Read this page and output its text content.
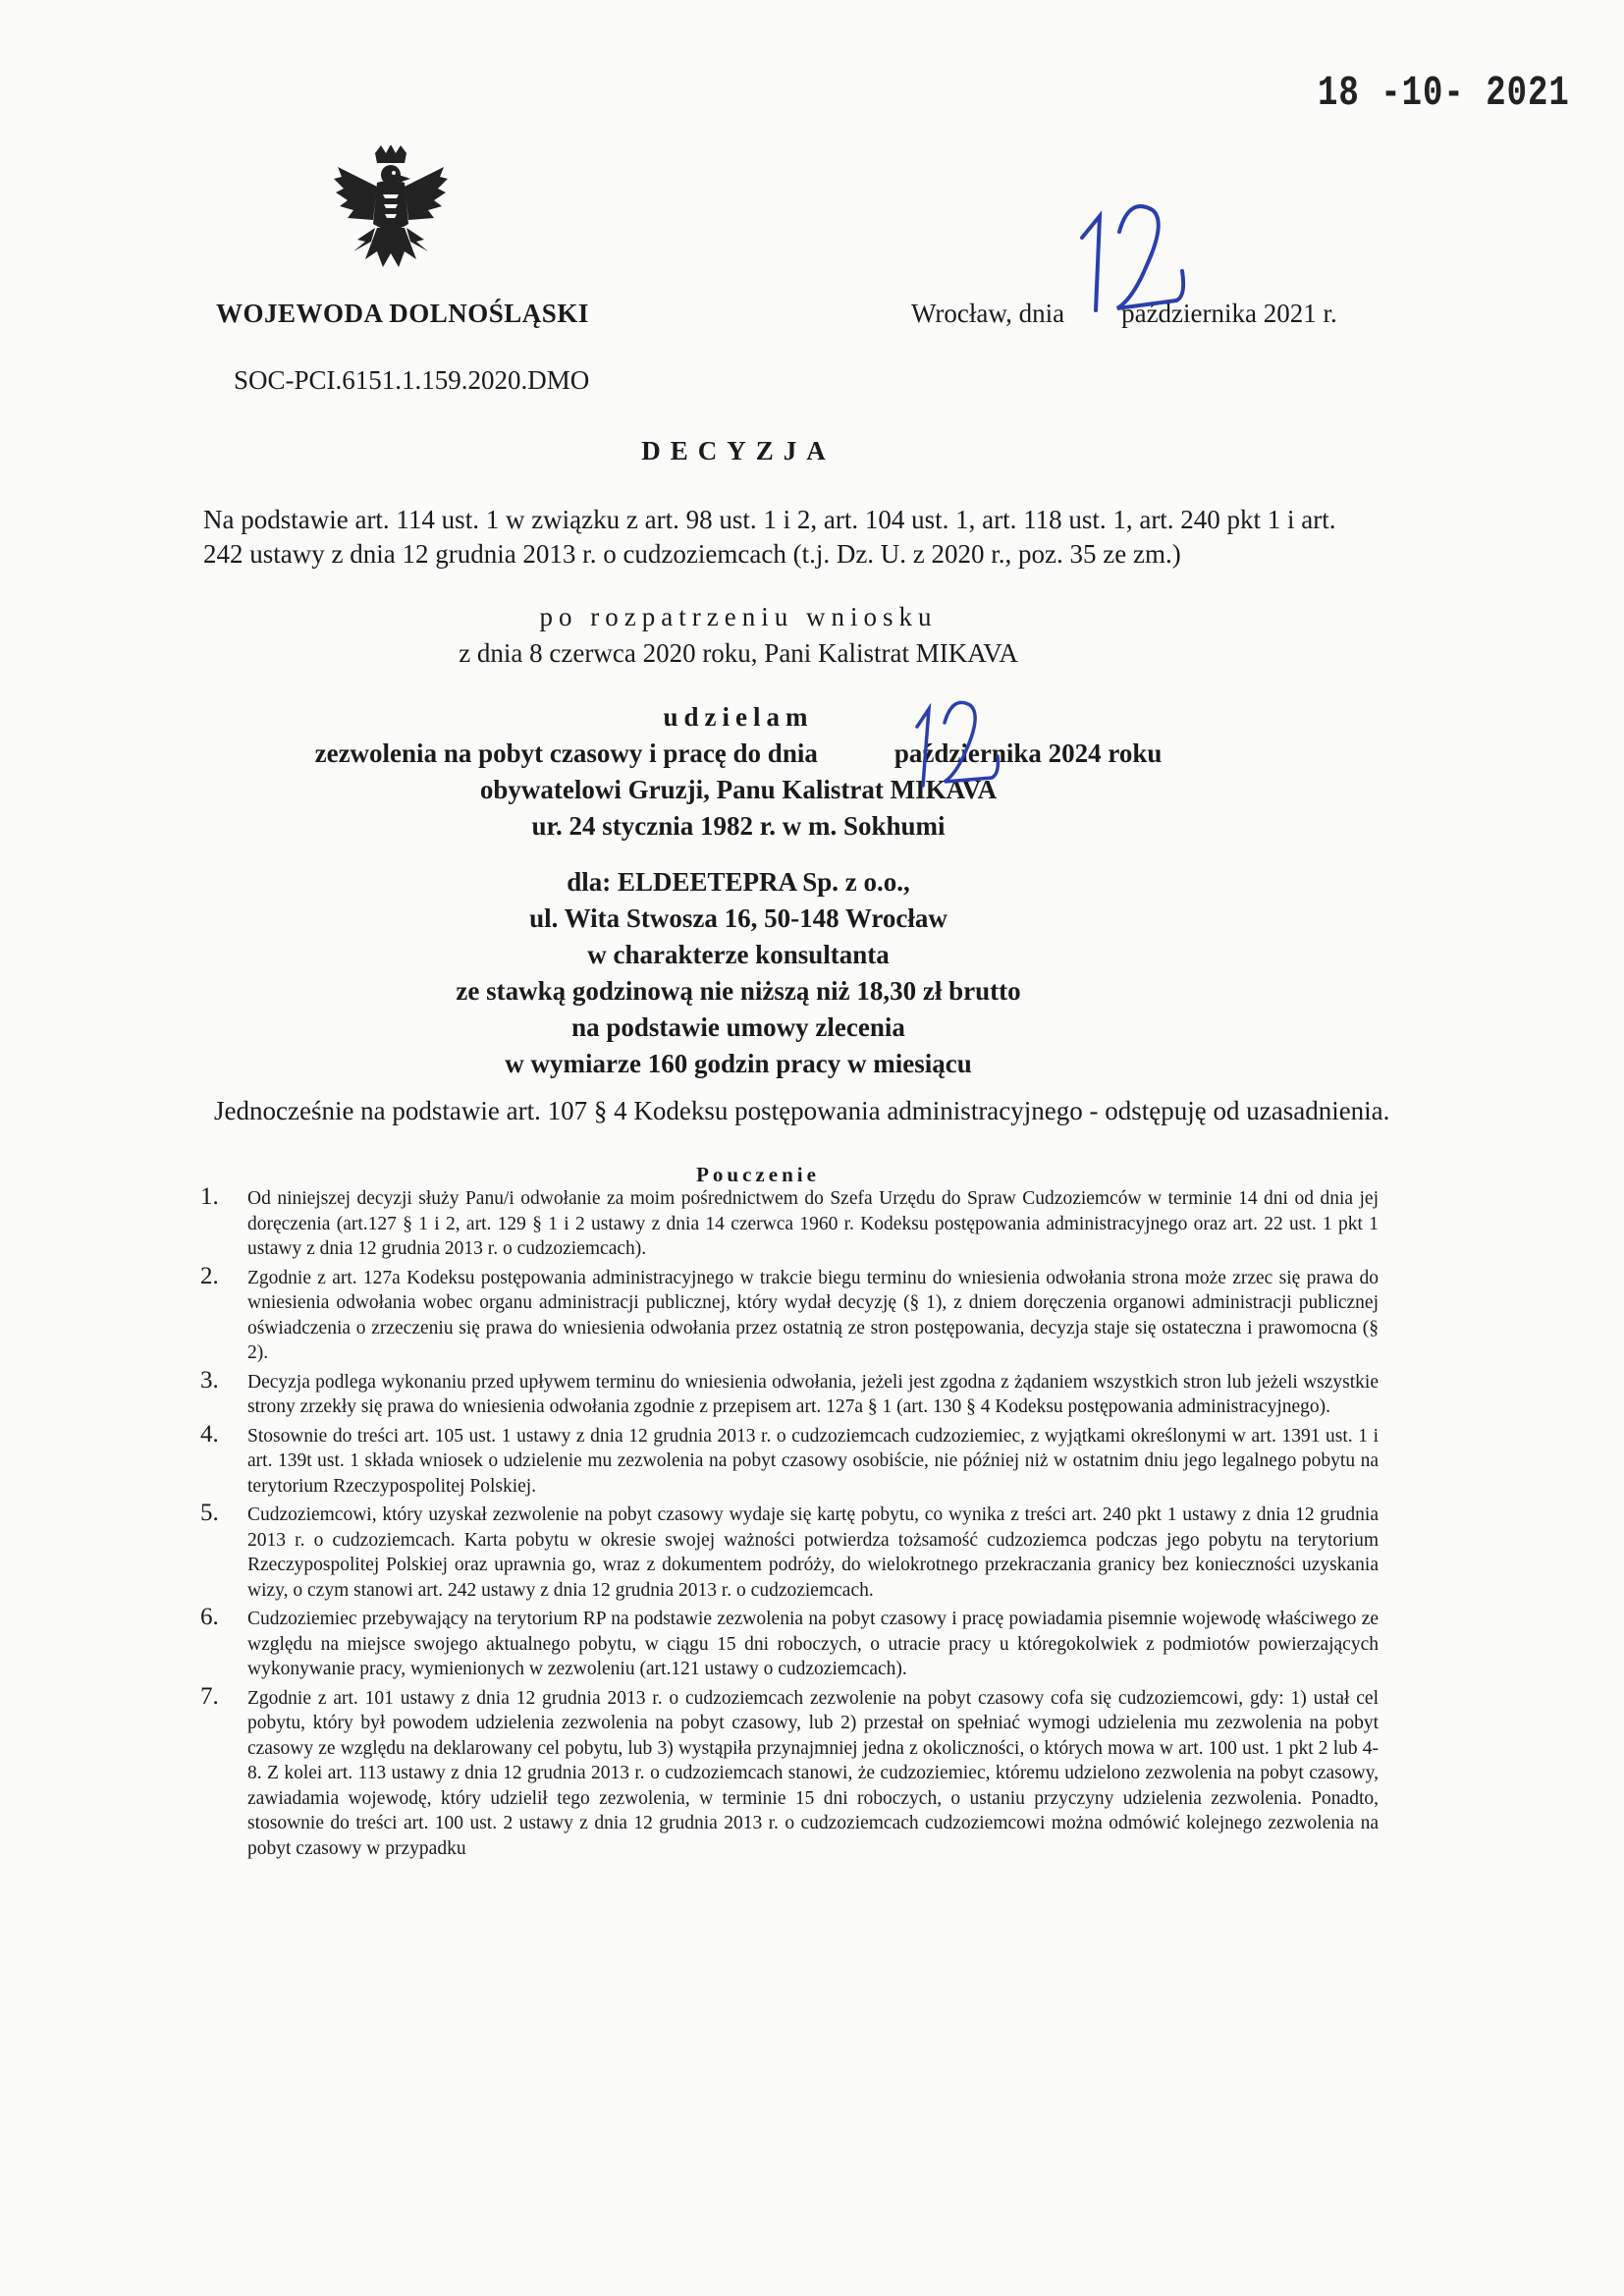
18 -10- 2021
WOJEWODA DOLNOŚLĄSKI	Wrocław, dnia października 2021 r.
SOC-PCI.6151.1.159.2020.DMO
DECYZJA
Na podstawie art. 114 ust. 1 w związku z art. 98 ust. 1 i 2, art. 104 ust. 1, art. 118 ust. 1, art. 240 pkt 1 i art. 242 ustawy z dnia 12 grudnia 2013 r. o cudzoziemcach (t.j. Dz. U. z 2020 r., poz. 35 ze zm.)
po rozpatrzeniu wniosku
z dnia 8 czerwca 2020 roku, Pani Kalistrat MIKAVA
udzielam
zezwolenia na pobyt czasowy i pracę do dnia	października 2024 roku
obywatelowi Gruzji, Panu Kalistrat MIKAVA
ur. 24 stycznia 1982 r. w m. Sokhumi
dla: ELDEETEPRA Sp. z o.o.,
ul. Wita Stwosza 16, 50-148 Wrocław
w charakterze konsultanta
ze stawką godzinową nie niższą niż 18,30 zł brutto
na podstawie umowy zlecenia
w wymiarze 160 godzin pracy w miesiącu
Jednocześnie na podstawie art. 107 § 4 Kodeksu postępowania administracyjnego - odstępuję od uzasadnienia.
Pouczenie
1. Od niniejszej decyzji służy Panu/i odwołanie za moim pośrednictwem do Szefa Urzędu do Spraw Cudzoziemców w terminie 14 dni od dnia jej doręczenia (art.127 § 1 i 2, art. 129 § 1 i 2 ustawy z dnia 14 czerwca 1960 r. Kodeksu postępowania administracyjnego oraz art. 22 ust. 1 pkt 1 ustawy z dnia 12 grudnia 2013 r. o cudzoziemcach).
2. Zgodnie z art. 127a Kodeksu postępowania administracyjnego w trakcie biegu terminu do wniesienia odwołania strona może zrzec się prawa do wniesienia odwołania wobec organu administracji publicznej, który wydał decyzję (§ 1), z dniem doręczenia organowi administracji publicznej oświadczenia o zrzeczeniu się prawa do wniesienia odwołania przez ostatnią ze stron postępowania, decyzja staje się ostateczna i prawomocna (§ 2).
3. Decyzja podlega wykonaniu przed upływem terminu do wniesienia odwołania, jeżeli jest zgodna z żądaniem wszystkich stron lub jeżeli wszystkie strony zrzekły się prawa do wniesienia odwołania zgodnie z przepisem art. 127a § 1 (art. 130 § 4 Kodeksu postępowania administracyjnego).
4. Stosownie do treści art. 105 ust. 1 ustawy z dnia 12 grudnia 2013 r. o cudzoziemcach cudzoziemiec, z wyjątkami określonymi w art. 1391 ust. 1 i art. 139t ust. 1 składa wniosek o udzielenie mu zezwolenia na pobyt czasowy osobiście, nie później niż w ostatnim dniu jego legalnego pobytu na terytorium Rzeczypospolitej Polskiej.
5. Cudzoziemcowi, który uzyskał zezwolenie na pobyt czasowy wydaje się kartę pobytu, co wynika z treści art. 240 pkt 1 ustawy z dnia 12 grudnia 2013 r. o cudzoziemcach. Karta pobytu w okresie swojej ważności potwierdza tożsamość cudzoziemca podczas jego pobytu na terytorium Rzeczypospolitej Polskiej oraz uprawnia go, wraz z dokumentem podróży, do wielokrotnego przekraczania granicy bez konieczności uzyskania wizy, o czym stanowi art. 242 ustawy z dnia 12 grudnia 2013 r. o cudzoziemcach.
6. Cudzoziemiec przebywający na terytorium RP na podstawie zezwolenia na pobyt czasowy i pracę powiadamia pisemnie wojewodę właściwego ze względu na miejsce swojego aktualnego pobytu, w ciągu 15 dni roboczych, o utracie pracy u któregokolwiek z podmiotów powierzających wykonywanie pracy, wymienionych w zezwoleniu (art.121 ustawy o cudzoziemcach).
7. Zgodnie z art. 101 ustawy z dnia 12 grudnia 2013 r. o cudzoziemcach zezwolenie na pobyt czasowy cofa się cudzoziemcowi, gdy: 1) ustał cel pobytu, który był powodem udzielenia zezwolenia na pobyt czasowy, lub 2) przestał on spełniać wymogi udzielenia mu zezwolenia na pobyt czasowy ze względu na deklarowany cel pobytu, lub 3) wystąpiła przynajmniej jedna z okoliczności, o których mowa w art. 100 ust. 1 pkt 2 lub 4-8. Z kolei art. 113 ustawy z dnia 12 grudnia 2013 r. o cudzoziemcach stanowi, że cudzoziemiec, któremu udzielono zezwolenia na pobyt czasowy, zawiadamia wojewodę, który udzielił tego zezwolenia, w terminie 15 dni roboczych, o ustaniu przyczyny udzielenia zezwolenia. Ponadto, stosownie do treści art. 100 ust. 2 ustawy z dnia 12 grudnia 2013 r. o cudzoziemcach cudzoziemcowi można odmówić kolejnego zezwolenia na pobyt czasowy w przypadku
